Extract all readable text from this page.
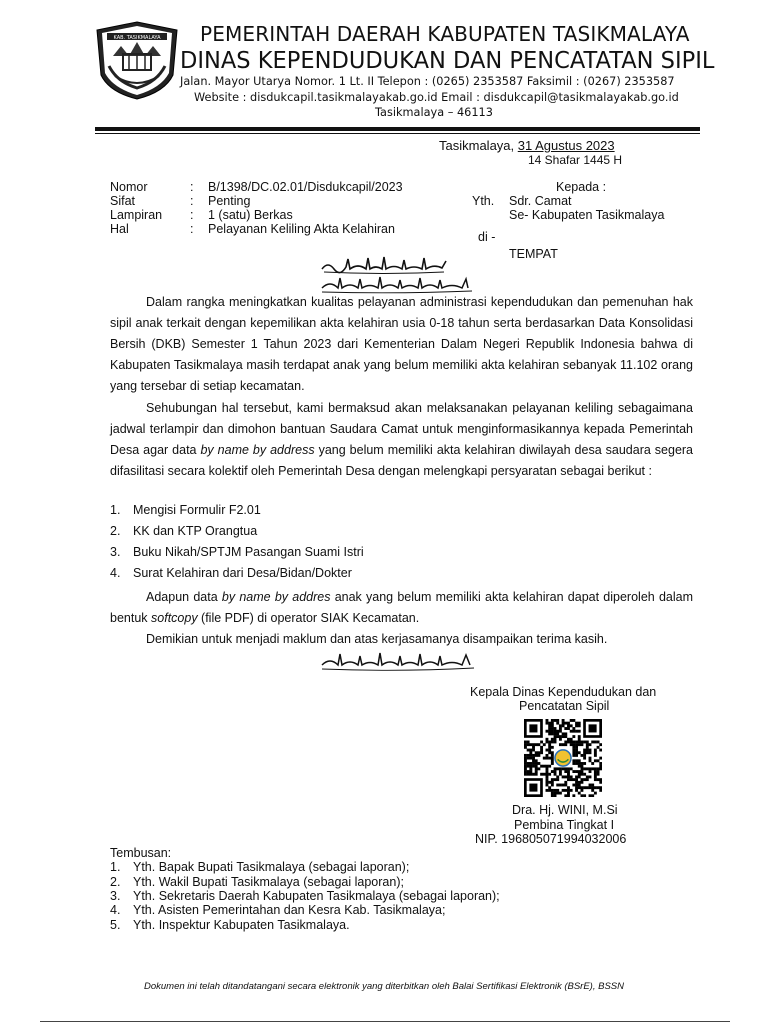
KAB. TASIKMALAYA PEMERINTAH DAERAH KABUPATEN TASIKMALAYA
DINAS KEPENDUDUKAN DAN PENCATATAN SIPIL
Jalan. Mayor Utarya Nomor. 1 Lt. II Telepon : (0265) 2353587 Faksimil : (0267) 2353587
Website : disdukcapil.tasikmalayakab.go.id Email : disdukcapil@tasikmalayakab.go.id
Tasikmalaya – 46113
Tasikmalaya, 31 Agustus 2023
14 Shafar 1445 H
Nomor	: B/1398/DC.02.01/Disdukcapil/2023
Sifat	: Penting
Lampiran : 1 (satu) Berkas
Hal	: Pelayanan Keliling Akta Kelahiran
Kepada :
Yth. Sdr. Camat
Se- Kabupaten Tasikmalaya
di -
TEMPAT
Dalam rangka meningkatkan kualitas pelayanan administrasi kependudukan dan pemenuhan hak sipil anak terkait dengan kepemilikan akta kelahiran usia 0-18 tahun serta berdasarkan Data Konsolidasi Bersih (DKB) Semester 1 Tahun 2023 dari Kementerian Dalam Negeri Republik Indonesia bahwa di Kabupaten Tasikmalaya masih terdapat anak yang belum memiliki akta kelahiran sebanyak 11.102 orang yang tersebar di setiap kecamatan.
Sehubungan hal tersebut, kami bermaksud akan melaksanakan pelayanan keliling sebagaimana jadwal terlampir dan dimohon bantuan Saudara Camat untuk menginformasikannya kepada Pemerintah Desa agar data by name by address yang belum memiliki akta kelahiran diwilayah desa saudara segera difasilitasi secara kolektif oleh Pemerintah Desa dengan melengkapi persyaratan sebagai berikut :
1. Mengisi Formulir F2.01
2. KK dan KTP Orangtua
3. Buku Nikah/SPTJM Pasangan Suami Istri
4. Surat Kelahiran dari Desa/Bidan/Dokter
Adapun data by name by addres anak yang belum memiliki akta kelahiran dapat diperoleh dalam bentuk softcopy (file PDF) di operator SIAK Kecamatan.
Demikian untuk menjadi maklum dan atas kerjasamanya disampaikan terima kasih.
Kepala Dinas Kependudukan dan
Pencatatan Sipil
Dra. Hj. WINI, M.Si
Pembina Tingkat I
NIP. 196805071994032006
Tembusan:
1. Yth. Bapak Bupati Tasikmalaya (sebagai laporan);
2. Yth. Wakil Bupati Tasikmalaya (sebagai laporan);
3. Yth. Sekretaris Daerah Kabupaten Tasikmalaya (sebagai laporan);
4. Yth. Asisten Pemerintahan dan Kesra Kab. Tasikmalaya;
5. Yth. Inspektur Kabupaten Tasikmalaya.
Dokumen ini telah ditandatangani secara elektronik yang diterbitkan oleh Balai Sertifikasi Elektronik (BSrE), BSSN
